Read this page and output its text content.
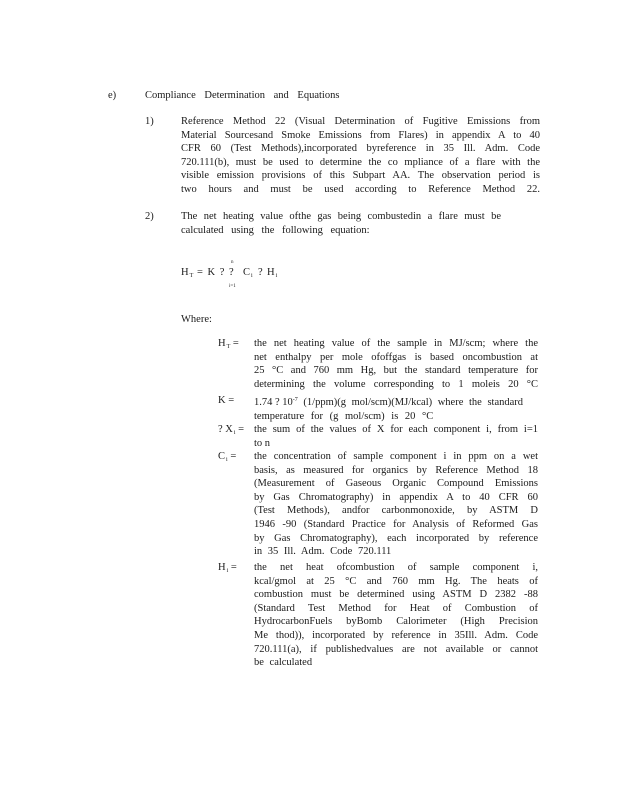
e)	Compliance Determination and Equations
1)	Reference Method 22 (Visual Determination of Fugitive Emissions from
Material Sourcesand Smoke Emissions from Flares) in appendix A to 40
CFR 60 (Test Methods),incorporated byreference in 35 Ill. Adm. Code
720.111(b), must be used to determine the co mpliance of a flare with the
visible emission provisions of this Subpart AA. The observation period is
two hours and must be used according to Reference Method 22.
2)	The net heating value ofthe gas being combustedin a flare must be
calculated using the following equation:
$H_T = K$ ?
n
?
i=1
$C_i$ ? $H_i$
Where:
$H_T$ =	the net heating value of the sample in MJ/scm; where the
net enthalpy per mole ofoffgas is based oncombustion at
25 °C and 760 mm Hg, but the standard temperature for
determining the volume corresponding to 1 moleis 20 °C
K =	1.74 ? $10^{-7}$ (1/ppm)(g mol/scm)(MJ/kcal) where the standard
temperature for (g mol/scm) is 20 °C
? $X_i$ = the sum of the values of X for each component i, from i=1
to n
$C_i$ =	the concentration of sample component i in ppm on a wet
basis, as measured for organics by Reference Method 18
(Measurement of Gaseous Organic Compound Emissions
by Gas Chromatography) in appendix A to 40 CFR 60
(Test Methods), andfor carbonmonoxide, by ASTM D
1946 -90 (Standard Practice for Analysis of Reformed Gas
by Gas Chromatography), each incorporated by reference
in 35 Ill. Adm. Code 720.111
$H_i$ =	the net heat ofcombustion of sample component i,
kcal/gmol at 25 °C and 760 mm Hg. The heats of
combustion must be determined using ASTM D 2382 -88
(Standard Test Method for Heat of Combustion of
HydrocarbonFuels byBomb Calorimeter (High Precision
Me thod)), incorporated by reference in 35Ill. Adm. Code
720.111(a), if publishedvalues are not available or cannot
be calculated
